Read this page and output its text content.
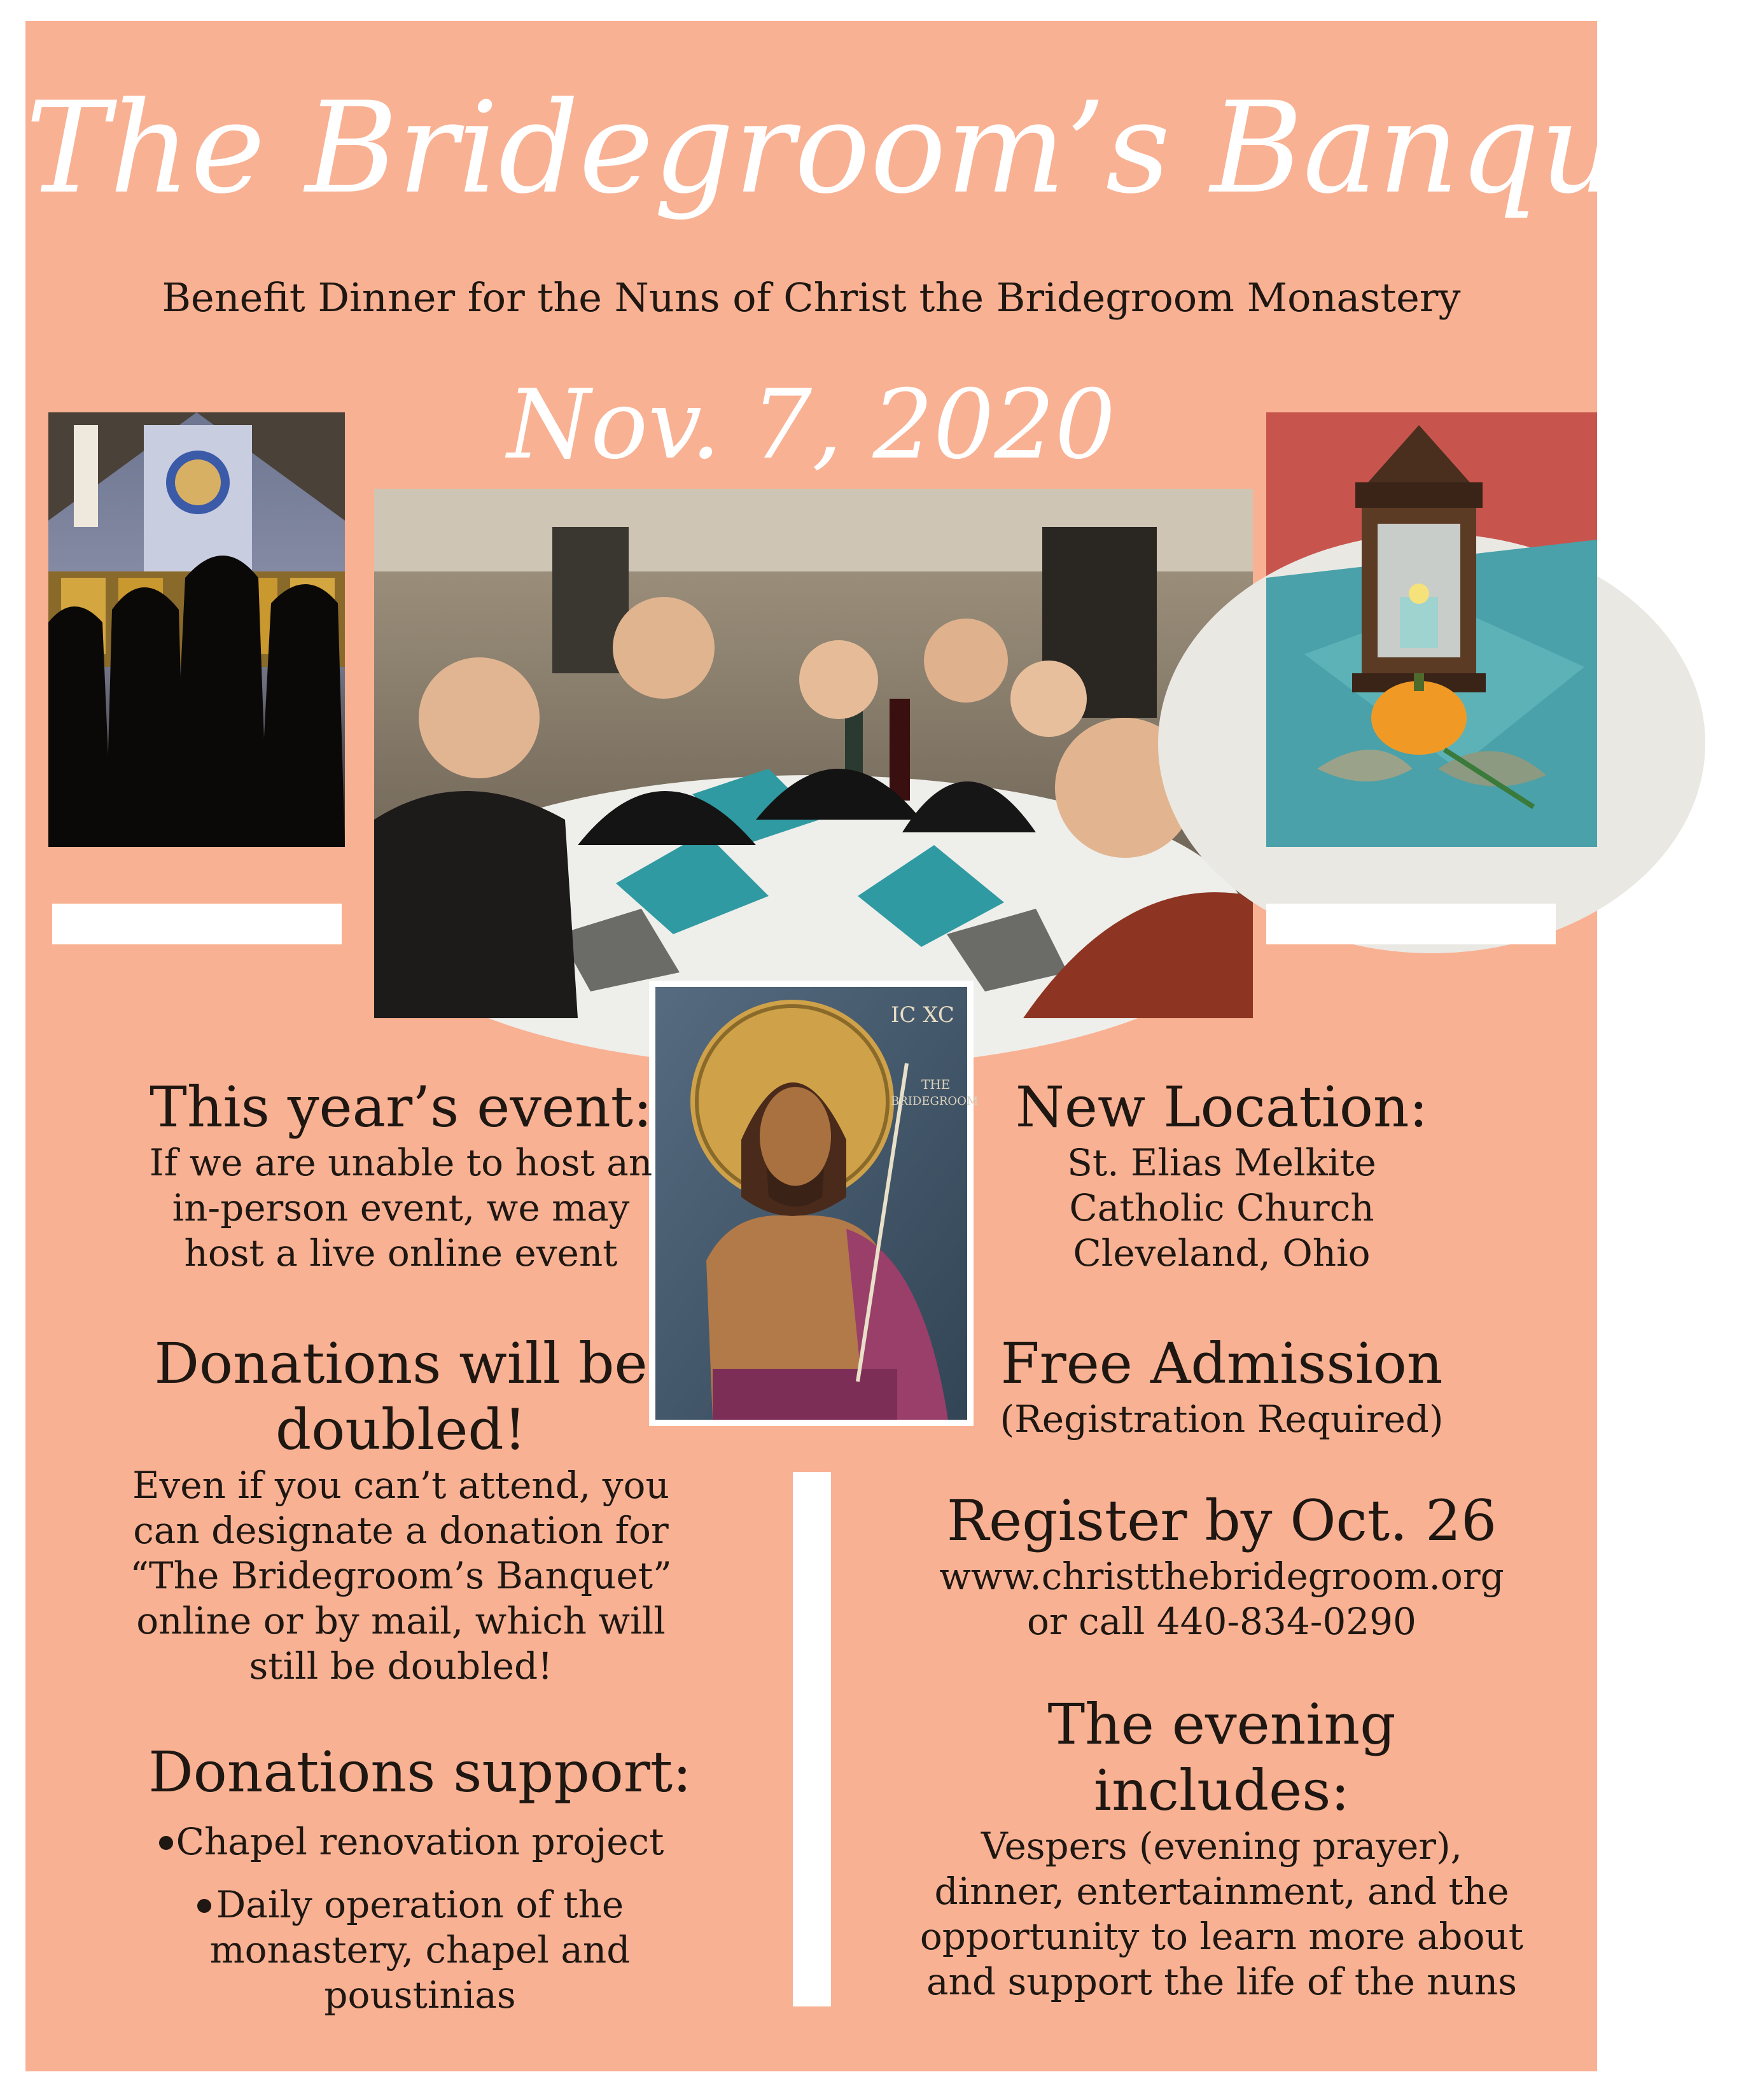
The Bridegroom’s Banquet
Benefit Dinner for the Nuns of Christ the Bridegroom Monastery
Nov. 7, 2020
IC XC
THE
BRIDEGROOM
This year’s event:
If we are unable to host an
in-person event, we may
host a live online event
Donations will be
doubled!
Even if you can’t attend, you
can designate a donation for
“The Bridegroom’s Banquet”
online or by mail, which will
still be doubled!
Donations support:
Chapel renovation project
Daily operation of the
monastery, chapel and
poustinias
New Location:
St. Elias Melkite
Catholic Church
Cleveland, Ohio
Free Admission
(Registration Required)
Register by Oct. 26
www.christthebridegroom.org
or call 440-834-0290
The evening
includes:
Vespers (evening prayer),
dinner, entertainment, and the
opportunity to learn more about
and support the life of the nuns
